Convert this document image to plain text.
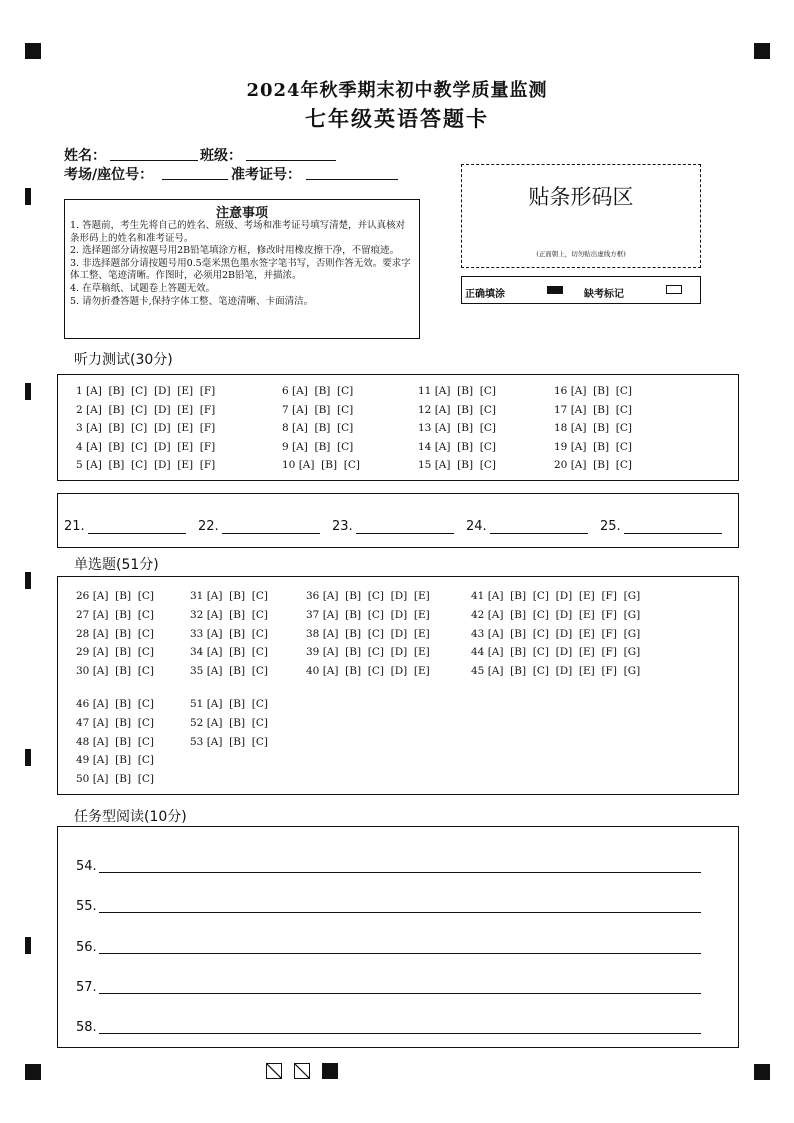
2024年秋季期末初中教学质量监测
七年级英语答题卡
姓名：	班级：
考场/座位号：	准考证号：
注意事项
1. 答题前，考生先将自己的姓名、班级、考场和准考证号填写清楚，并认真核对条形码上的姓名和准考证号。
2. 选择题部分请按题号用2B铅笔填涂方框，修改时用橡皮擦干净，不留痕迹。
3. 非选择题部分请按题号用0.5毫米黑色墨水签字笔书写，否则作答无效。要求字体工整、笔迹清晰。作图时，必须用2B铅笔，并描浓。
4. 在草稿纸、试题卷上答题无效。
5. 请勿折叠答题卡,保持字体工整、笔迹清晰、卡面清洁。
贴条形码区
(正面朝上，切勿贴出虚线方框)
正确填涂	缺考标记
听力测试(30分)
1 [A]  [B]  [C]  [D]  [E]  [F]
2 [A]  [B]  [C]  [D]  [E]  [F]
3 [A]  [B]  [C]  [D]  [E]  [F]
4 [A]  [B]  [C]  [D]  [E]  [F]
5 [A]  [B]  [C]  [D]  [E]  [F]
6 [A]  [B]  [C]
7 [A]  [B]  [C]
8 [A]  [B]  [C]
9 [A]  [B]  [C]
10 [A]  [B]  [C]
11 [A]  [B]  [C]
12 [A]  [B]  [C]
13 [A]  [B]  [C]
14 [A]  [B]  [C]
15 [A]  [B]  [C]
16 [A]  [B]  [C]
17 [A]  [B]  [C]
18 [A]  [B]  [C]
19 [A]  [B]  [C]
20 [A]  [B]  [C]
21.	22.	23.	24.	25.
单选题(51分)
26 [A]  [B]  [C]
27 [A]  [B]  [C]
28 [A]  [B]  [C]
29 [A]  [B]  [C]
30 [A]  [B]  [C]
31 [A]  [B]  [C]
32 [A]  [B]  [C]
33 [A]  [B]  [C]
34 [A]  [B]  [C]
35 [A]  [B]  [C]
36 [A]  [B]  [C]  [D]  [E]
37 [A]  [B]  [C]  [D]  [E]
38 [A]  [B]  [C]  [D]  [E]
39 [A]  [B]  [C]  [D]  [E]
40 [A]  [B]  [C]  [D]  [E]
41 [A]  [B]  [C]  [D]  [E]  [F]  [G]
42 [A]  [B]  [C]  [D]  [E]  [F]  [G]
43 [A]  [B]  [C]  [D]  [E]  [F]  [G]
44 [A]  [B]  [C]  [D]  [E]  [F]  [G]
45 [A]  [B]  [C]  [D]  [E]  [F]  [G]
46 [A]  [B]  [C]
47 [A]  [B]  [C]
48 [A]  [B]  [C]
49 [A]  [B]  [C]
50 [A]  [B]  [C]
51 [A]  [B]  [C]
52 [A]  [B]  [C]
53 [A]  [B]  [C]
任务型阅读(10分)
54.
55.
56.
57.
58.
